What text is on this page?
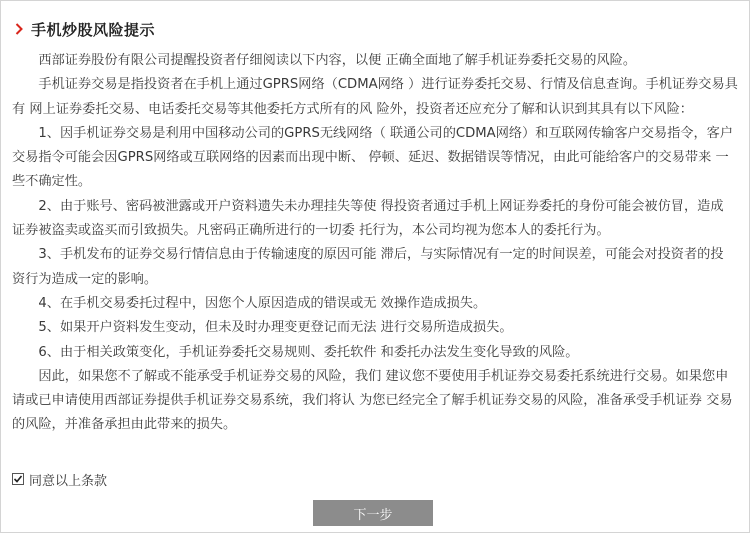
手机炒股风险提示

西部证券股份有限公司提醒投资者仔细阅读以下内容，以便 正确全面地了解手机证券委托交易的风险。

手机证券交易是指投资者在手机上通过GPRS网络（CDMA网络 ）进行证券委托交易、行情及信息查询。手机证券交易具有 网上证券委托交易、电话委托交易等其他委托方式所有的风 险外，投资者还应充分了解和认识到其具有以下风险：

1、因手机证券交易是利用中国移动公司的GPRS无线网络（ 联通公司的CDMA网络）和互联网传输客户交易指令，客户 交易指令可能会因GPRS网络或互联网络的因素而出现中断、 停顿、延迟、数据错误等情况，由此可能给客户的交易带来 一些不确定性。

2、由于账号、密码被泄露或开户资料遗失未办理挂失等使 得投资者通过手机上网证券委托的身份可能会被仿冒，造成 证券被盗卖或盗买而引致损失。凡密码正确所进行的一切委 托行为，本公司均视为您本人的委托行为。

3、手机发布的证券交易行情信息由于传输速度的原因可能 滞后，与实际情况有一定的时间误差，可能会对投资者的投 资行为造成一定的影响。

4、在手机交易委托过程中，因您个人原因造成的错误或无 效操作造成损失。

5、如果开户资料发生变动，但未及时办理变更登记而无法 进行交易所造成损失。

6、由于相关政策变化，手机证券委托交易规则、委托软件 和委托办法发生变化导致的风险。

因此，如果您不了解或不能承受手机证券交易的风险，我们 建议您不要使用手机证券交易委托系统进行交易。如果您申 请或已申请使用西部证券提供手机证券交易系统，我们将认 为您已经完全了解手机证券交易的风险，准备承受手机证券 交易的风险，并准备承担由此带来的损失。

同意以上条款
下一步
